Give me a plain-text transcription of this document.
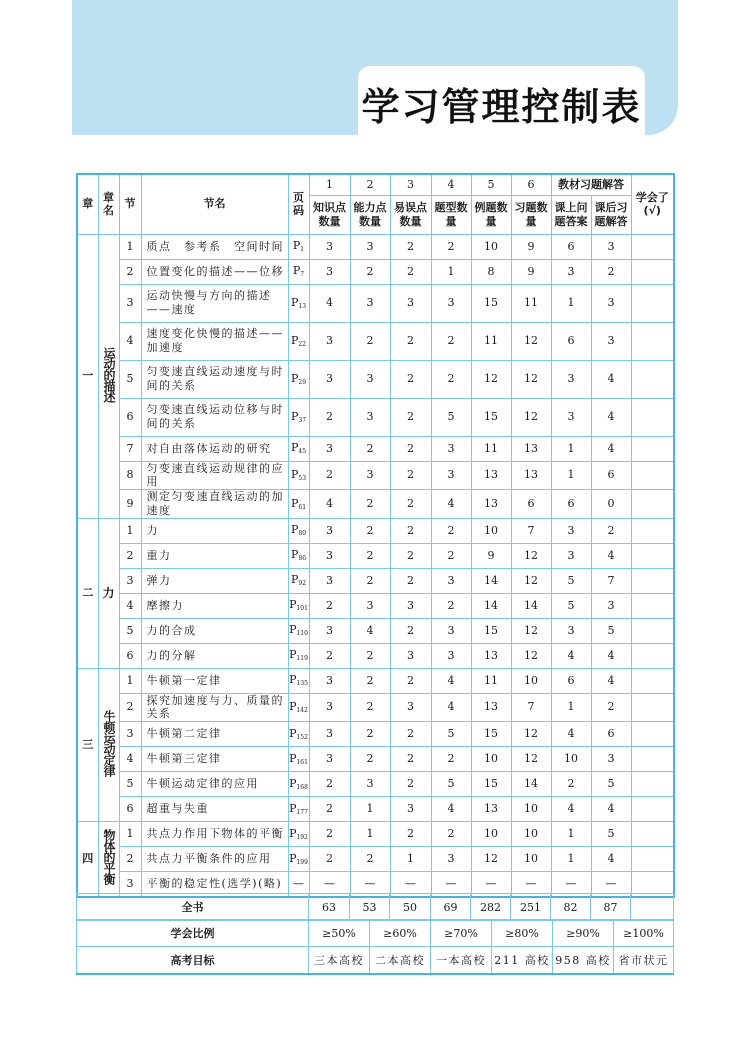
学习管理控制表
章	章名	节	节名	页码	1	2	3	4	5	6	教材习题解答		学会了(√)
					知识点数量	能力点数量	易误点数量	题型数量	例题数量	习题数量	课上问题答案	课后习题解答	
一	运动的描述	1	质点　参考系　空间时间	$P_1$	3	3	2	2	10	9	6	3	
		2	位置变化的描述——位移	$P_7$	3	2	2	1	8	9	3	2	
		3	运动快慢与方向的描述——速度	$P_{13}$	4	3	3	3	15	11	1	3	
		4	速度变化快慢的描述——加速度	$P_{22}$	3	2	2	2	11	12	6	3	
		5	匀变速直线运动速度与时间的关系	$P_{29}$	3	3	2	2	12	12	3	4	
		6	匀变速直线运动位移与时间的关系	$P_{37}$	2	3	2	5	15	12	3	4	
		7	对自由落体运动的研究	$P_{45}$	3	2	2	3	11	13	1	4	
		8	匀变速直线运动规律的应用	$P_{53}$	2	3	2	3	13	13	1	6	
		9	测定匀变速直线运动的加速度	$P_{61}$	4	2	2	4	13	6	6	0	
二	力	1	力	$P_{80}$	3	2	2	2	10	7	3	2	
		2	重力	$P_{86}$	3	2	2	2	9	12	3	4	
		3	弹力	$P_{92}$	3	2	2	3	14	12	5	7	
		4	摩擦力	$P_{101}$	2	3	3	2	14	14	5	3	
		5	力的合成	$P_{110}$	3	4	2	3	15	12	3	5	
		6	力的分解	$P_{119}$	2	2	3	3	13	12	4	4	
三	牛顿运动定律	1	牛顿第一定律	$P_{135}$	3	2	2	4	11	10	6	4	
		2	探究加速度与力、质量的关系	$P_{142}$	3	2	3	4	13	7	1	2	
		3	牛顿第二定律	$P_{152}$	3	2	2	5	15	12	4	6	
		4	牛顿第三定律	$P_{161}$	3	2	2	2	10	12	10	3	
		5	牛顿运动定律的应用	$P_{168}$	2	3	2	5	15	14	2	5	
		6	超重与失重	$P_{177}$	2	1	3	4	13	10	4	4	
四	物体的平衡	1	共点力作用下物体的平衡	$P_{192}$	2	1	2	2	10	10	1	5	
		2	共点力平衡条件的应用	$P_{199}$	2	2	1	3	12	10	1	4	
		3	平衡的稳定性(选学)(略)	—	—	—	—	—	—	—	—	—	
全书	63	53	50	69	282	251	82	87	
学会比例	≥50%	≥60%	≥70%	≥80%	≥90%	≥100%
高考目标	三本高校	二本高校	一本高校	211 高校	958 高校	省市状元
